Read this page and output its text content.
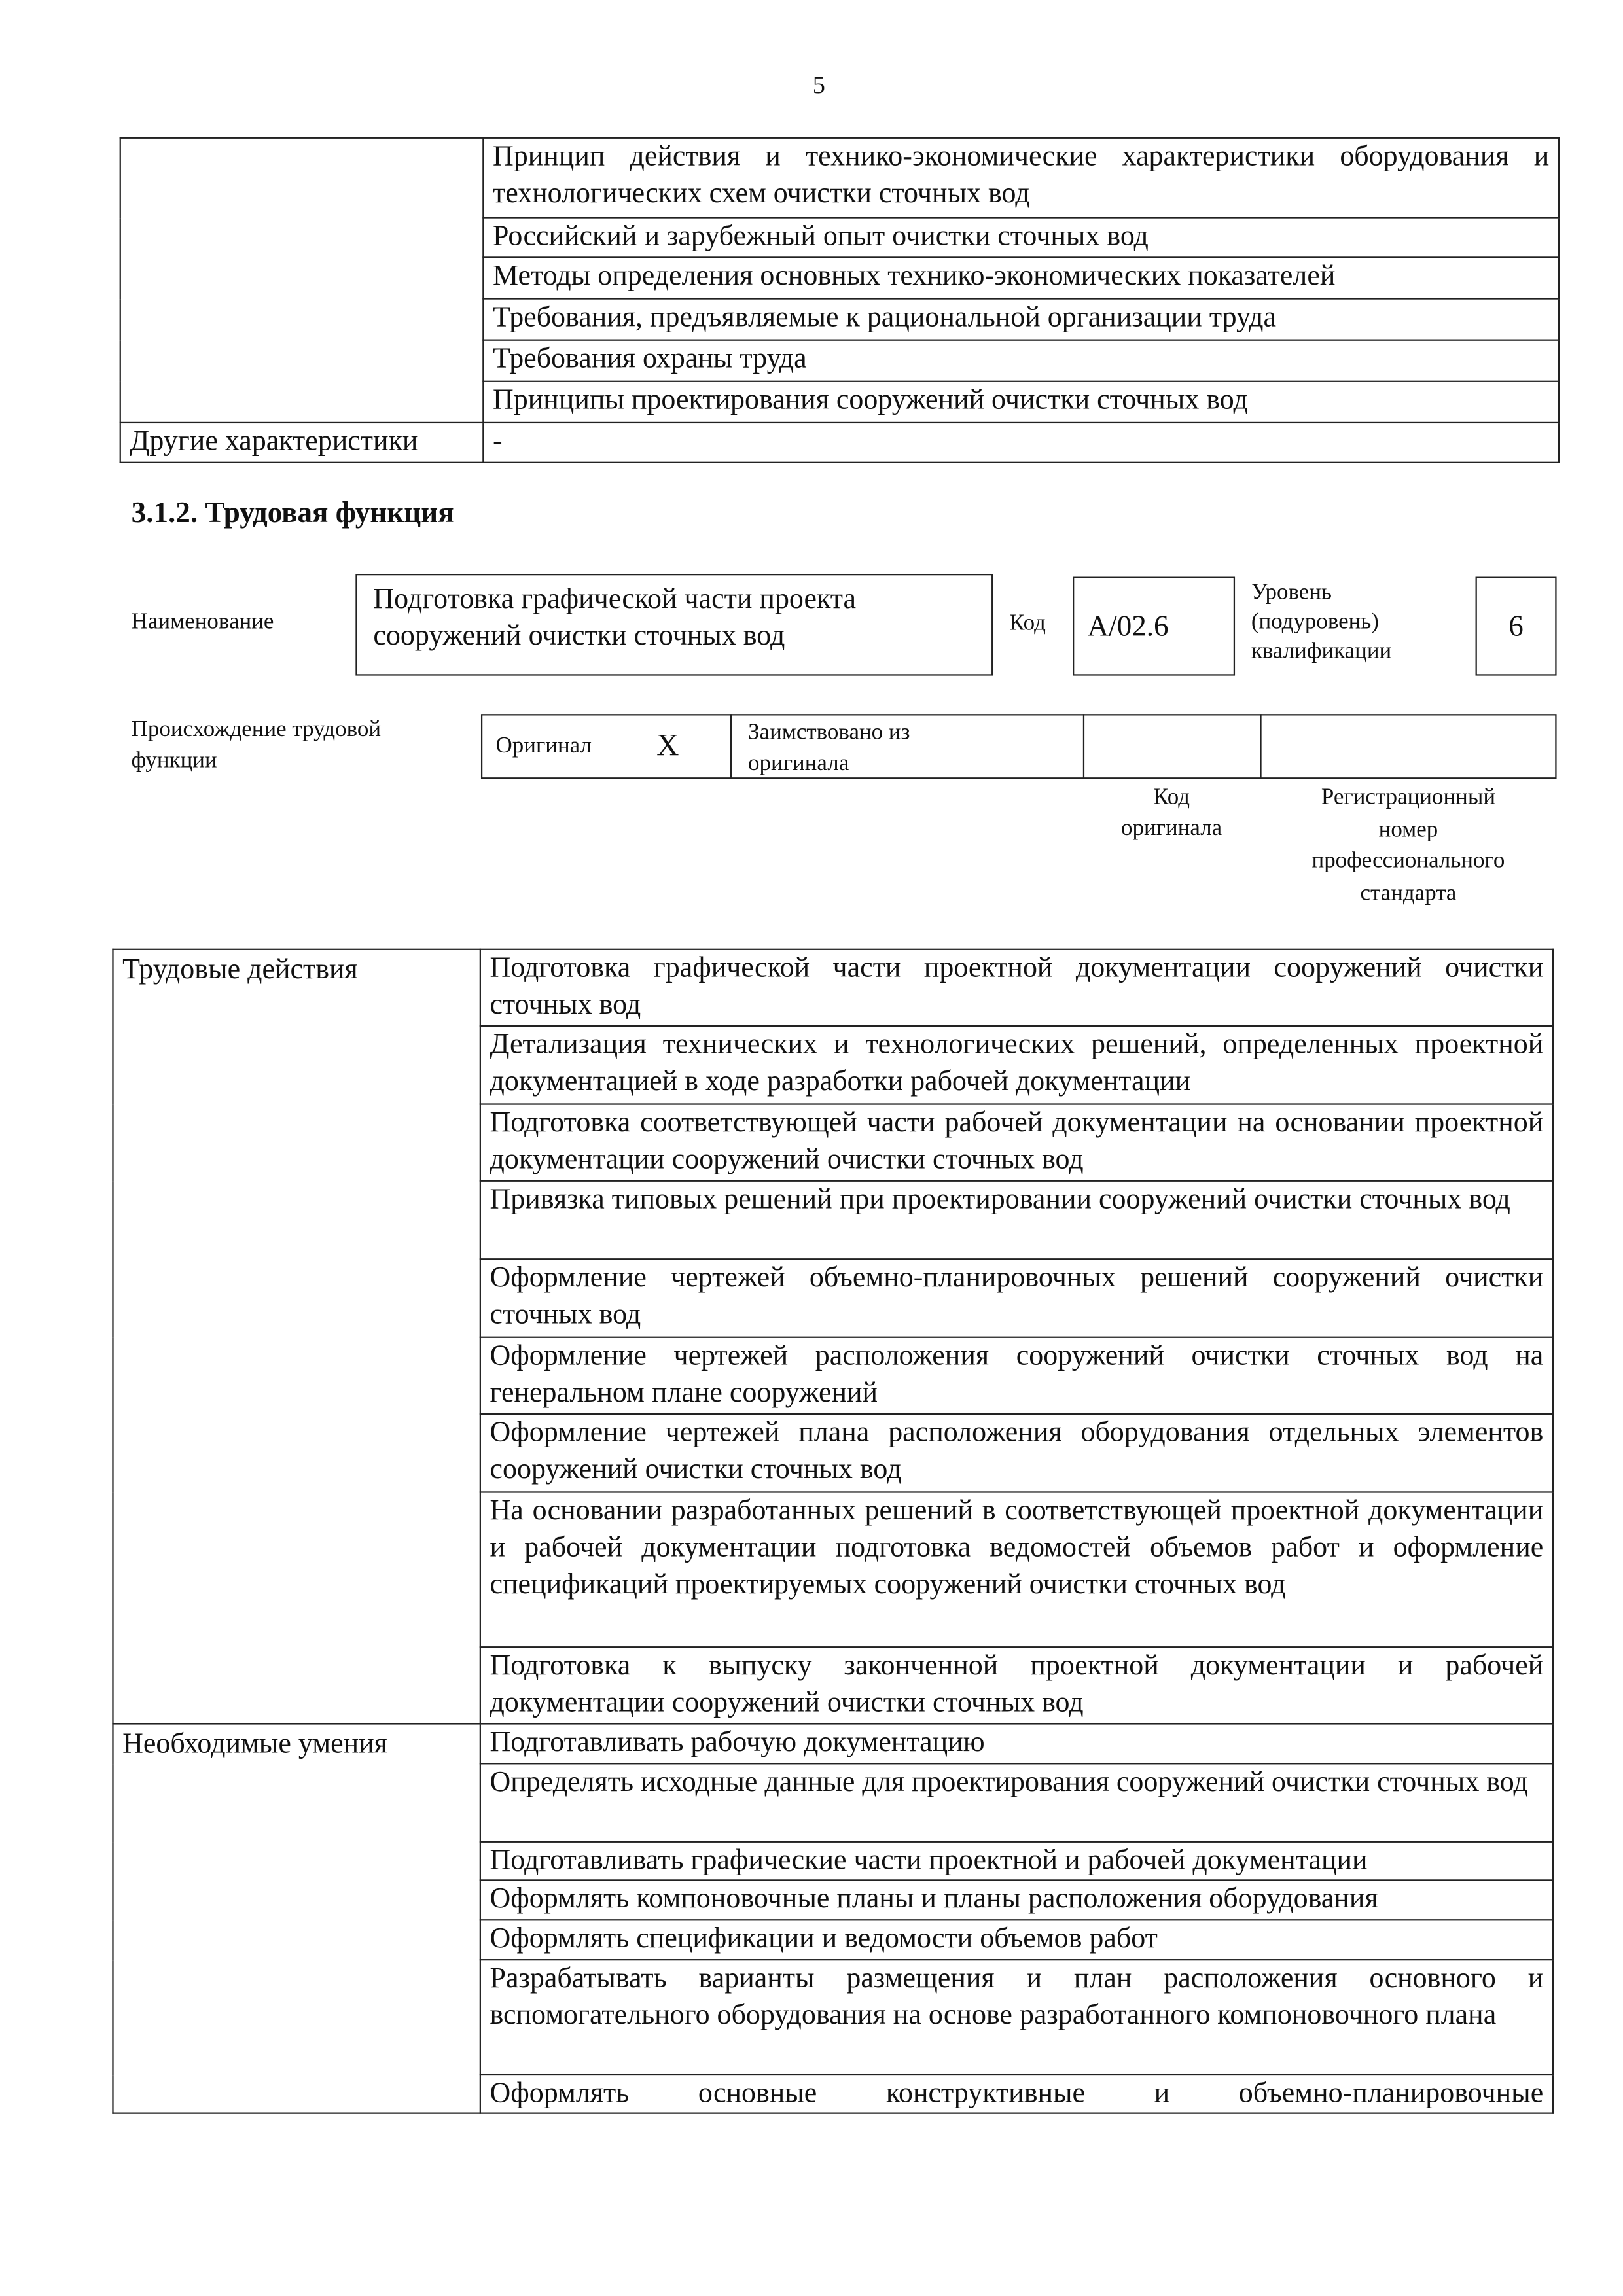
5
	Принцип действия и технико-экономические характеристики оборудования и технологических схем очистки сточных вод
	Российский и зарубежный опыт очистки сточных вод
	Методы определения основных технико-экономических показателей
	Требования, предъявляемые к рациональной организации труда
	Требования охраны труда
	Принципы проектирования сооружений очистки сточных вод
Другие характеристики	-
3.1.2. Трудовая функция
Наименование
Подготовка графической части проекта сооружений очистки сточных вод	Код	А/02.6
Уровень
(подуровень)
квалификации
6
Происхождение трудовой
функции
Оригинал	X	Заимствовано из
оригинала
Код
оригинала
Регистрационный
номер
профессионального
стандарта
Трудовые действия	Подготовка графической части проектной документации сооружений очистки сточных вод
	Детализация технических и технологических решений, определенных проектной документацией в ходе разработки рабочей документации
	Подготовка соответствующей части рабочей документации на основании проектной документации сооружений очистки сточных вод
	Привязка типовых решений при проектировании сооружений очистки сточных вод
	Оформление чертежей объемно-планировочных решений сооружений очистки сточных вод
	Оформление чертежей расположения сооружений очистки сточных вод на генеральном плане сооружений
	Оформление чертежей плана расположения оборудования отдельных элементов сооружений очистки сточных вод
	На основании разработанных решений в соответствующей проектной документации и рабочей документации подготовка ведомостей объемов работ и оформление спецификаций проектируемых сооружений очистки сточных вод
	Подготовка к выпуску законченной проектной документации и рабочей документации сооружений очистки сточных вод
Необходимые умения	Подготавливать рабочую документацию
	Определять исходные данные для проектирования сооружений очистки сточных вод
	Подготавливать графические части проектной и рабочей документации
	Оформлять компоновочные планы и планы расположения оборудования
	Оформлять спецификации и ведомости объемов работ
	Разрабатывать варианты размещения и план расположения основного и вспомогательного оборудования на основе разработанного компоновочного плана
	Оформлять основные конструктивные и объемно-планировочные
